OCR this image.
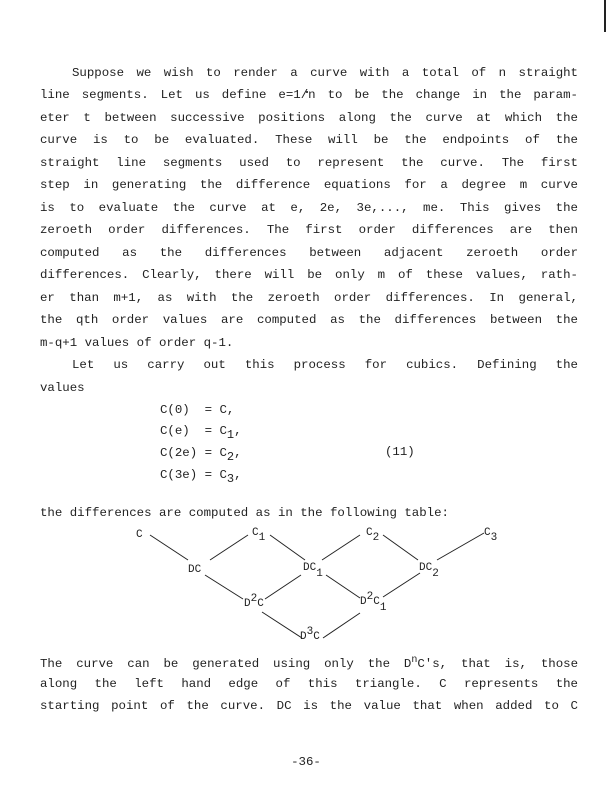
Suppose we wish to render a curve with a total of n straight
line segments. Let us define e=1/n to be the change in the param-
eter t between successive positions along the curve at which the
curve is to be evaluated. These will be the endpoints of the
straight line segments used to represent the curve. The first
step in generating the difference equations for a degree m curve
is to evaluate the curve at e, 2e, 3e,..., me. This gives the
zeroeth order differences. The first order differences are then
computed as the differences between adjacent zeroeth order
differences. Clearly, there will be only m of these values, rath-
er than m+1, as with the zeroeth order differences. In general,
the qth order values are computed as the differences between the
m-q+1 values of order q-1.
Let us carry out this process for cubics. Defining the
values
C(0)  = C,
$C(e) = C_1$,
$C(2e) = C_2$,
$C(3e) = C_3$,
(11)
the differences are computed as in the following table:
C	C1	C2	C3
DC	DC1	DC2
D2C	D2C1
D3C
The curve can be generated using only the $D^nC's$, that is, those
along the left hand edge of this triangle. C represents the
starting point of the curve. DC is the value that when added to C
-36-
